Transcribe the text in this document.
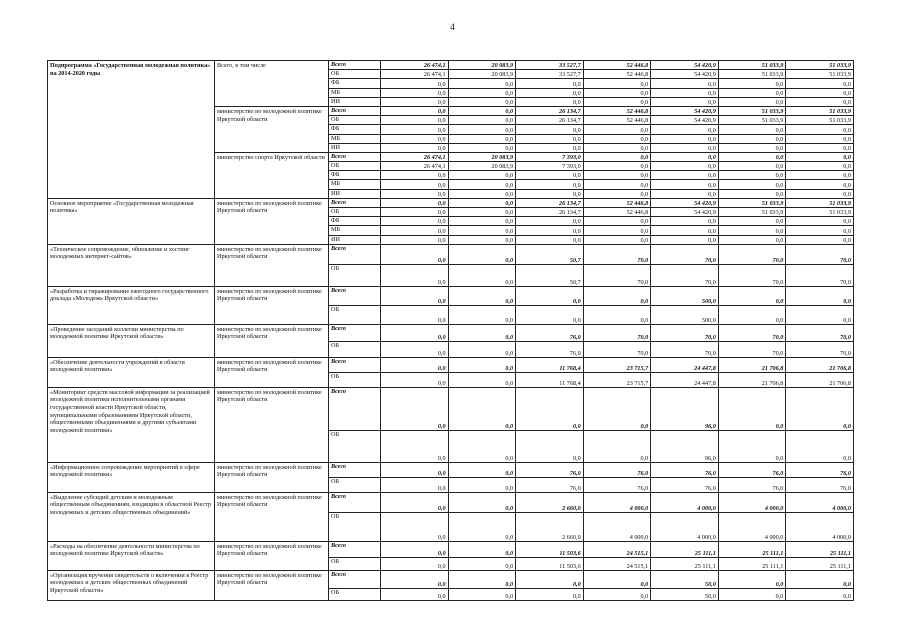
4
Подпрограмма «Государственная молодежная политика» на 2014-2020 годы	Всего, в том числе	Всего	26 474,1	20 083,9	33 527,7	52 446,8	54 420,9	51 033,9	51 033,9
		ОБ	26 474,1	20 083,9	33 527,7	52 446,8	54 420,9	51 033,9	51 033,9
		ФБ	0,0	0,0	0,0	0,0	0,0	0,0	0,0
		МБ	0,0	0,0	0,0	0,0	0,0	0,0	0,0
		ИИ	0,0	0,0	0,0	0,0	0,0	0,0	0,0
	министерство по молодежной политике Иркутской области	Всего	0,0	0,0	26 134,7	52 446,8	54 420,9	51 033,9	51 033,9
		ОБ	0,0	0,0	26 134,7	52 446,8	54 420,9	51 033,9	51 033,9
		ФБ	0,0	0,0	0,0	0,0	0,0	0,0	0,0
		МБ	0,0	0,0	0,0	0,0	0,0	0,0	0,0
		ИИ	0,0	0,0	0,0	0,0	0,0	0,0	0,0
	министерство спорта Иркутской области	Всего	26 474,1	20 083,9	7 393,0	0,0	0,0	0,0	0,0
		ОБ	26 474,1	20 083,9	7 393,0	0,0	0,0	0,0	0,0
		ФБ	0,0	0,0	0,0	0,0	0,0	0,0	0,0
		МБ	0,0	0,0	0,0	0,0	0,0	0,0	0,0
		ИИ	0,0	0,0	0,0	0,0	0,0	0,0	0,0
Основное мероприятие «Государственная молодежная политика»	министерство по молодежной политике Иркутской области	Всего	0,0	0,0	26 134,7	52 446,8	54 420,9	51 033,9	51 033,9
		ОБ	0,0	0,0	26 134,7	52 446,8	54 420,9	51 033,9	51 033,9
		ФБ	0,0	0,0	0,0	0,0	0,0	0,0	0,0
		МБ	0,0	0,0	0,0	0,0	0,0	0,0	0,0
		ИИ	0,0	0,0	0,0	0,0	0,0	0,0	0,0
«Техническое сопровождение, обновление и хостинг молодежных интернет-сайтов»	министерство по молодежной политике Иркутской области	Всего	0,0	0,0	50,7	70,0	70,0	70,0	70,0
		ОБ	0,0	0,0	50,7	70,0	70,0	70,0	70,0
«Разработка и тиражирование ежегодного государственного доклада «Молодежь Иркутской области»	министерство по молодежной политике Иркутской области	Всего	0,0	0,0	0,0	0,0	500,0	0,0	0,0
		ОБ	0,0	0,0	0,0	0,0	500,0	0,0	0,0
«Проведение заседаний коллегии министерства по молодежной политике Иркутской области»	министерство по молодежной политике Иркутской области	Всего	0,0	0,0	76,0	70,0	70,0	70,0	70,0
		ОБ	0,0	0,0	76,0	70,0	70,0	70,0	70,0
«Обеспечение деятельности учреждений в области молодежной политики»	министерство по молодежной политике Иркутской области	Всего	0,0	0,0	11 768,4	23 715,7	24 447,8	21 706,8	21 706,8
		ОБ	0,0	0,0	11 768,4	23 715,7	24 447,8	21 706,8	21 706,8
«Мониторинг средств массовой информации за реализацией молодежной политики исполнительными органами государственной власти Иркутской области, муниципальными образованиями Иркутской области, общественными объединениями и другими субъектами молодежной политики»	министерство по молодежной политике Иркутской области	Всего	0,0	0,0	0,0	0,0	96,0	0,0	0,0
		ОБ	0,0	0,0	0,0	0,0	96,0	0,0	0,0
«Информационное сопровождение мероприятий в сфере молодежной политики»	министерство по молодежной политике Иркутской области	Всего	0,0	0,0	76,0	76,0	76,0	76,0	76,0
		ОБ	0,0	0,0	76,0	76,0	76,0	76,0	76,0
«Выделение субсидий детским и молодежным общественным объединениям, входящим в областной Реестр молодежных и детских общественных объединений»	министерство по молодежной политике Иркутской области	Всего	0,0	0,0	2 660,0	4 000,0	4 000,0	4 000,0	4 000,0
		ОБ	0,0	0,0	2 660,0	4 000,0	4 000,0	4 000,0	4 000,0
«Расходы на обеспечение деятельности министерства по молодежной политике Иркутской области»	министерство по молодежной политике Иркутской области	Всего	0,0	0,0	11 503,6	24 515,1	25 111,1	25 111,1	25 111,1
		ОБ	0,0	0,0	11 503,6	24 515,1	25 111,1	25 111,1	25 111,1
«Организация вручения свидетельств о включении в Реестр молодежных и детских общественных объединений Иркутской области»	министерство по молодежной политике Иркутской области	Всего	0,0	0,0	0,0	0,0	50,0	0,0	0,0
		ОБ	0,0	0,0	0,0	0,0	50,0	0,0	0,0
